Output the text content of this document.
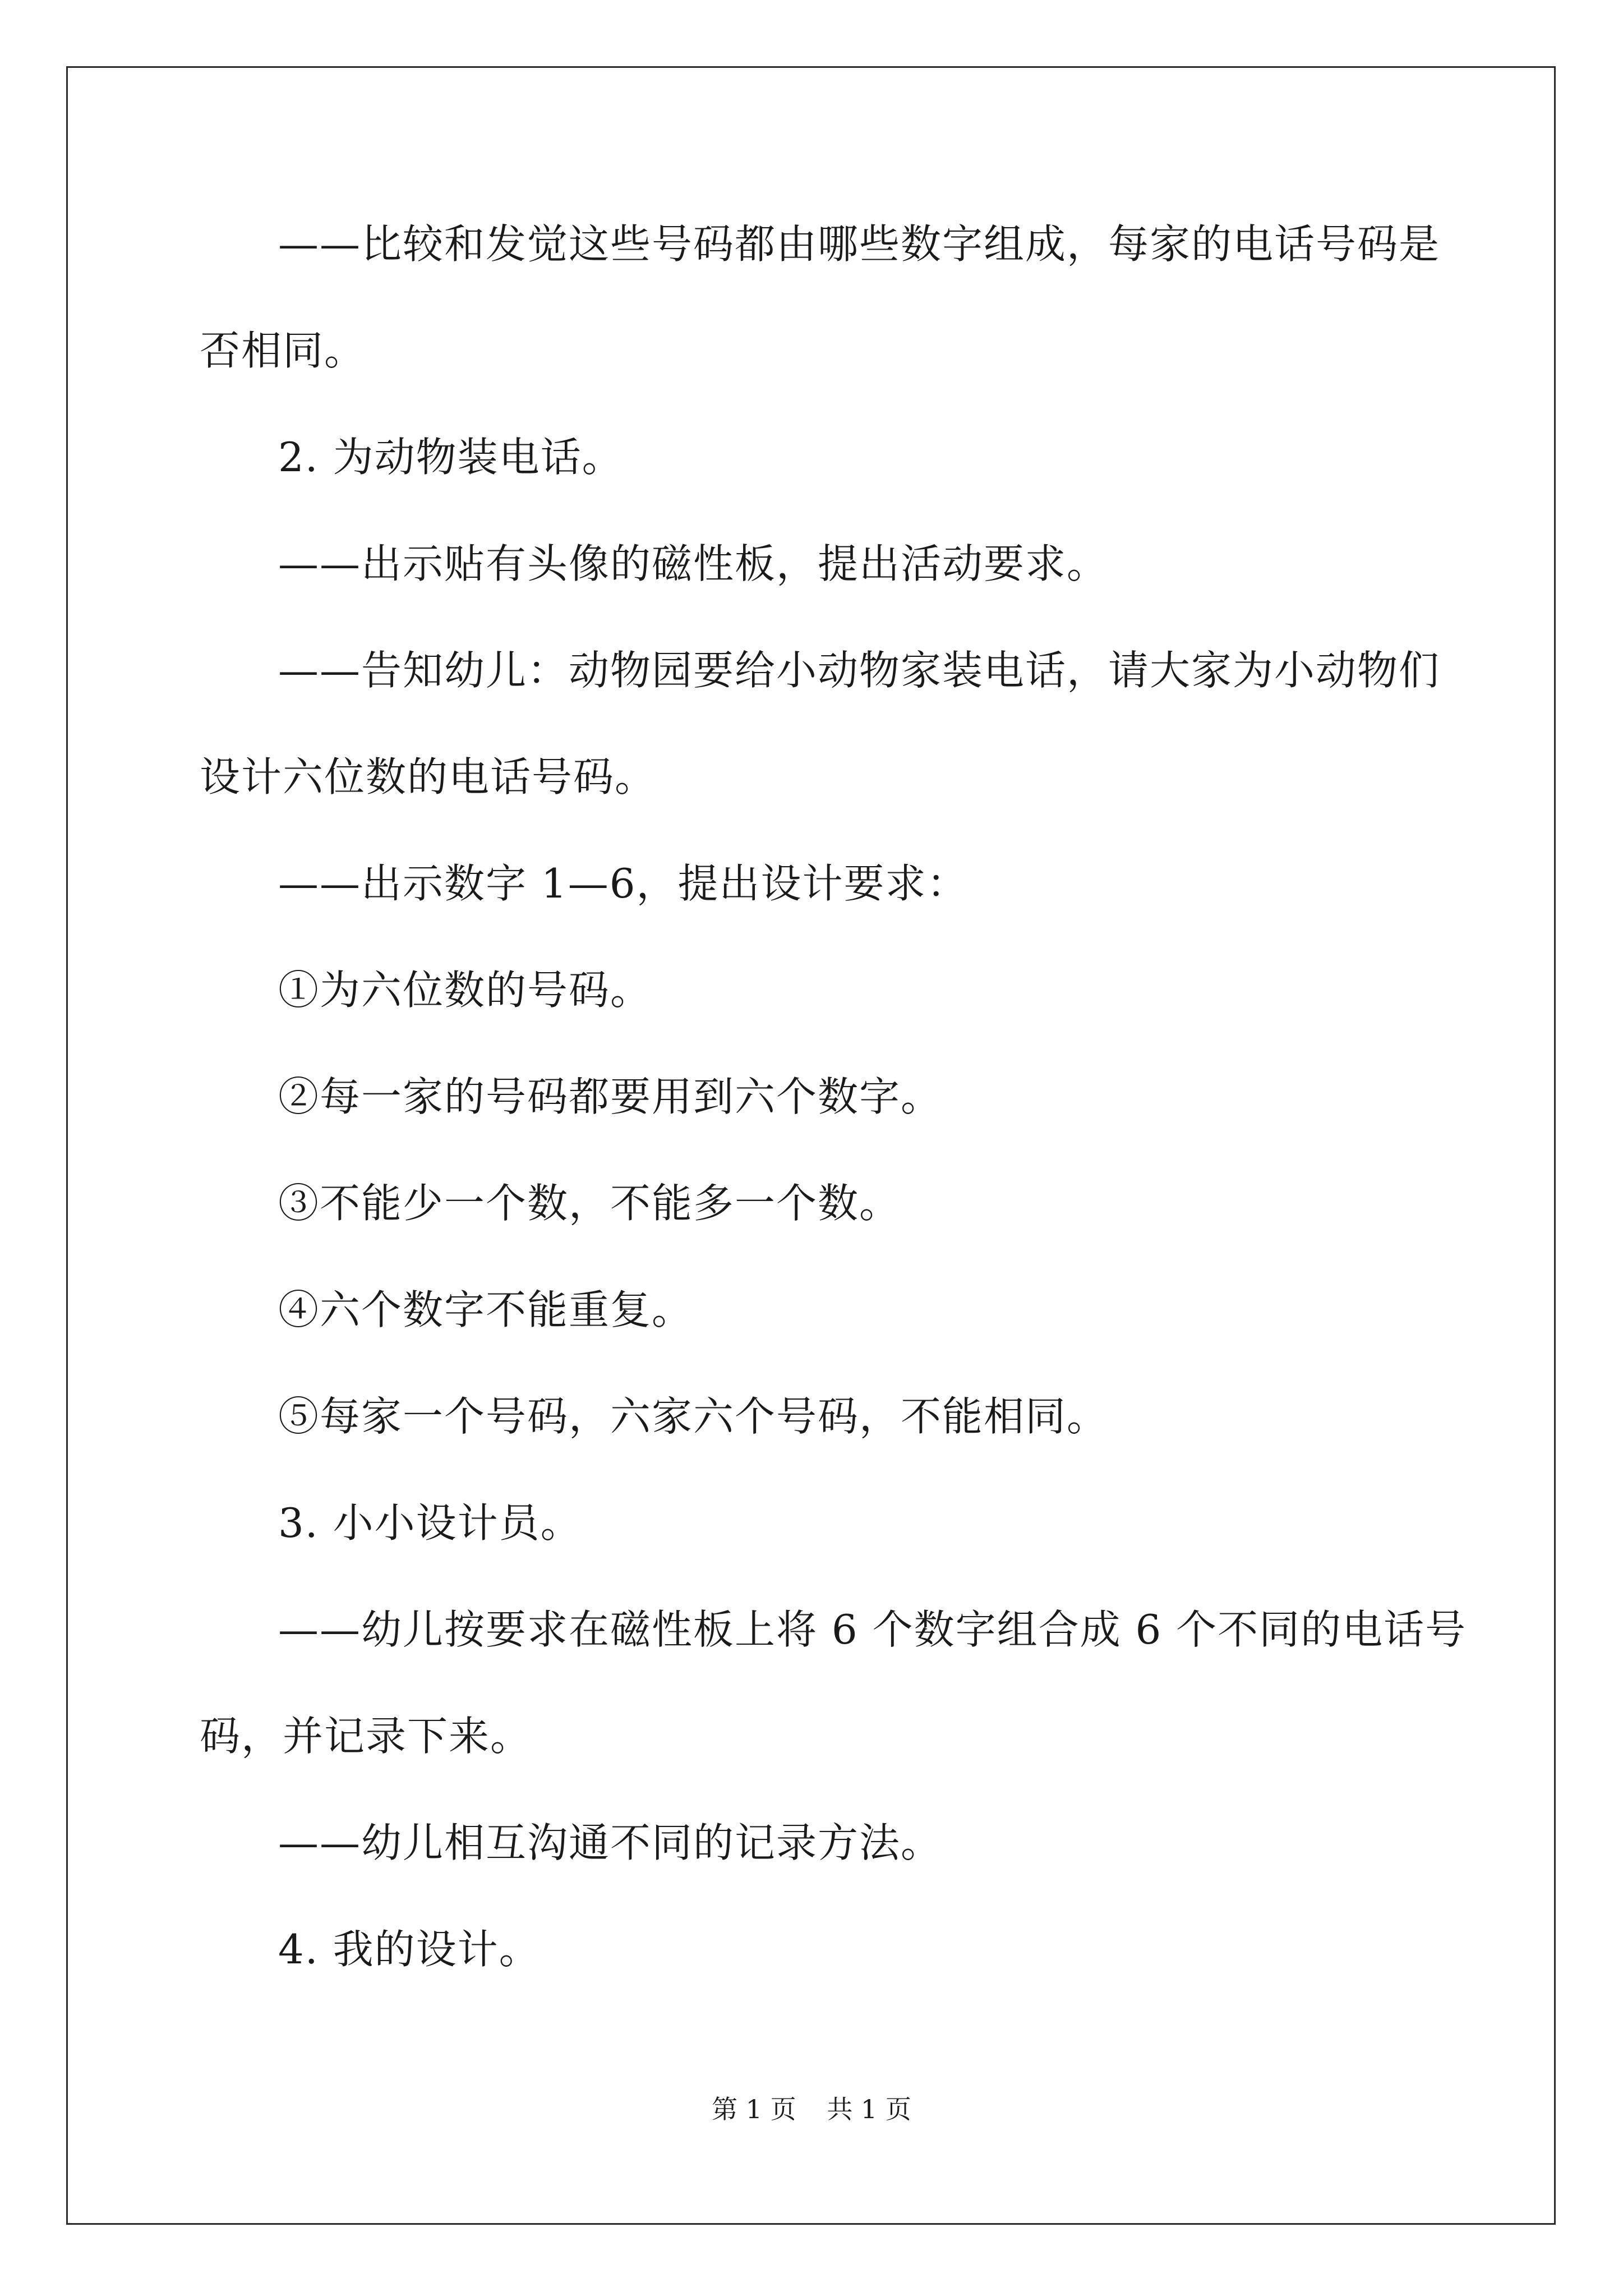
——比较和发觉这些号码都由哪些数字组成，每家的电话号码是
否相同。
2. 为动物装电话。
——出示贴有头像的磁性板，提出活动要求。
——告知幼儿：动物园要给小动物家装电话，请大家为小动物们
设计六位数的电话号码。
——出示数字 1—6，提出设计要求：
①为六位数的号码。
②每一家的号码都要用到六个数字。
③不能少一个数，不能多一个数。
④六个数字不能重复。
⑤每家一个号码，六家六个号码，不能相同。
3. 小小设计员。
——幼儿按要求在磁性板上将 6 个数字组合成 6 个不同的电话号
码，并记录下来。
——幼儿相互沟通不同的记录方法。
4. 我的设计。
第 1 页 共 1 页
